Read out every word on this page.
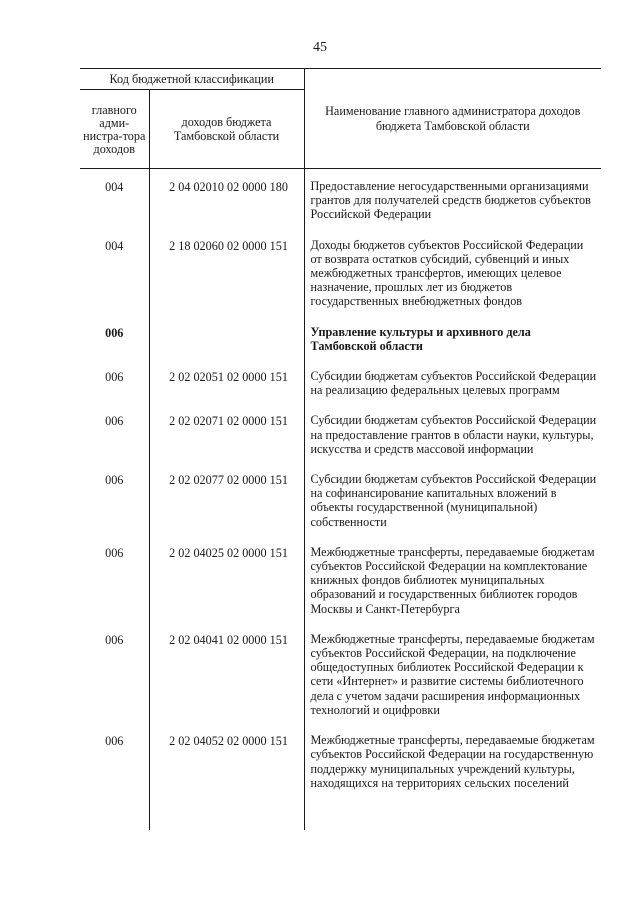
45
Код бюджетной классификации		Наименование главного администратора доходов бюджета Тамбовской области
главного адми-нистра-тора доходов	доходов бюджета Тамбовской области	

004	2 04 02010 02 0000 180	Предоставление негосударственными организациями грантов для получателей средств бюджетов субъектов Российской Федерации
004	2 18 02060 02 0000 151	Доходы бюджетов субъектов Российской Федерации от возврата остатков субсидий, субвенций и иных межбюджетных трансфертов, имеющих целевое назначение, прошлых лет из бюджетов государственных внебюджетных фондов
006		Управление культуры и архивного дела Тамбовской области
006	2 02 02051 02 0000 151	Субсидии бюджетам субъектов Российской Федерации на реализацию федеральных целевых программ
006	2 02 02071 02 0000 151	Субсидии бюджетам субъектов Российской Федерации на предоставление грантов в области науки, культуры, искусства и средств массовой информации
006	2 02 02077 02 0000 151	Субсидии бюджетам субъектов Российской Федерации на софинансирование капитальных вложений в объекты государственной (муниципальной) собственности
006	2 02 04025 02 0000 151	Межбюджетные трансферты, передаваемые бюджетам субъектов Российской Федерации на комплектование книжных фондов библиотек муниципальных образований и государственных библиотек городов Москвы и Санкт-Петербурга
006	2 02 04041 02 0000 151	Межбюджетные трансферты, передаваемые бюджетам субъектов Российской Федерации, на подключение общедоступных библиотек Российской Федерации к сети «Интернет» и развитие системы библиотечного дела с учетом задачи расширения информационных технологий и оцифровки
006	2 02 04052 02 0000 151	Межбюджетные трансферты, передаваемые бюджетам субъектов Российской Федерации на государственную поддержку муниципальных учреждений культуры, находящихся на территориях сельских поселений
